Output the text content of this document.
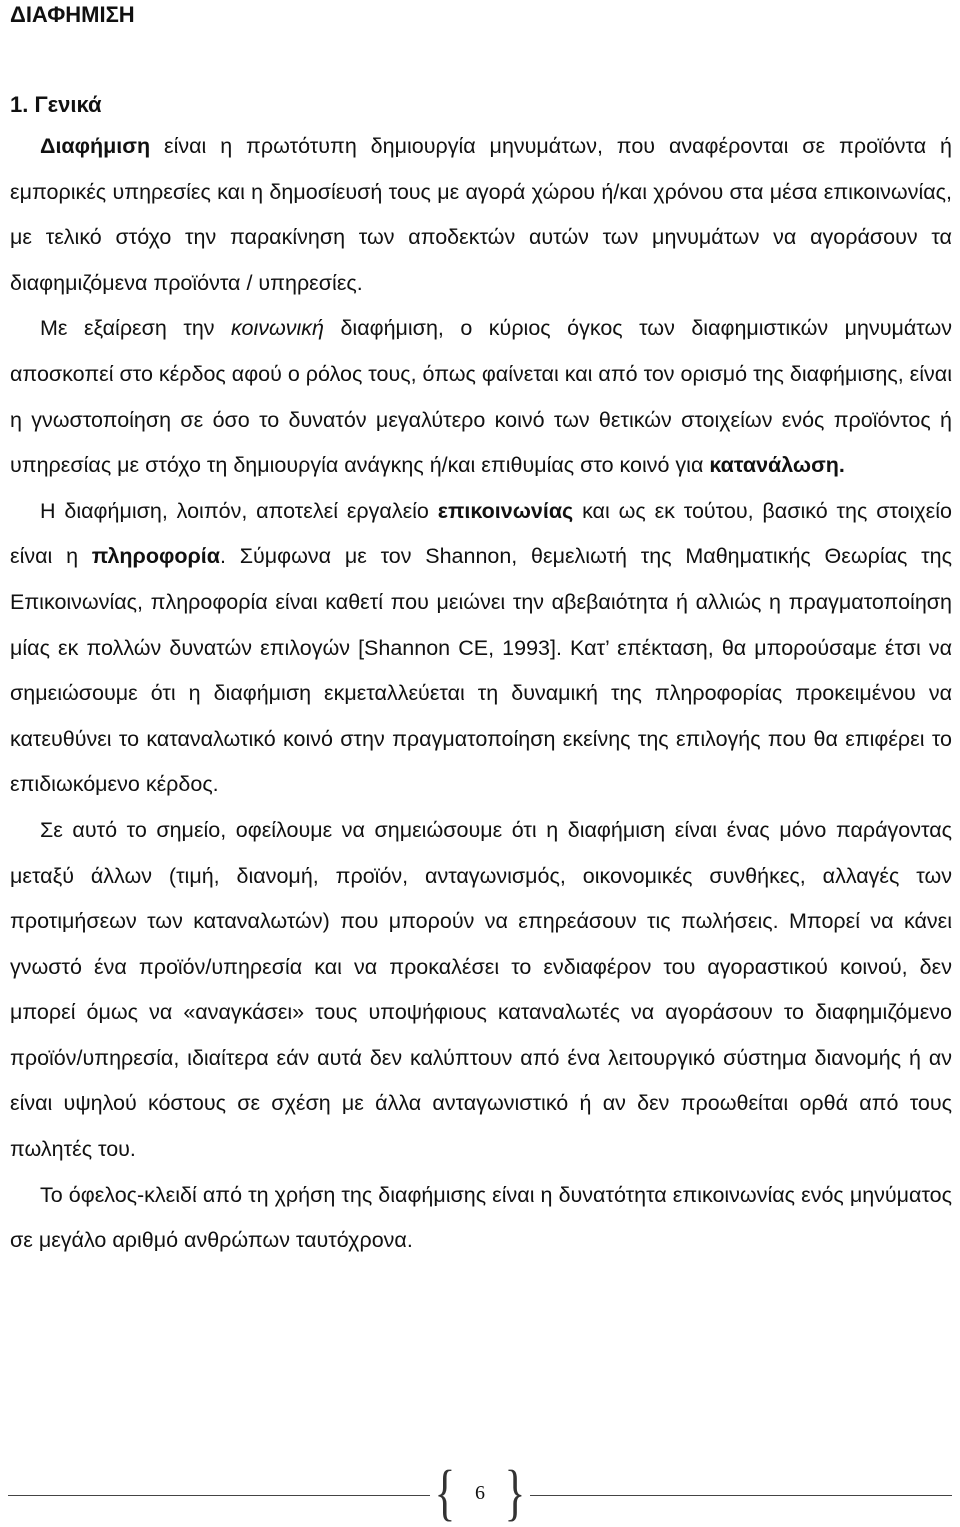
ΔΙΑΦΗΜΙΣΗ
1. Γενικά

Διαφήμιση είναι η πρωτότυπη δημιουργία μηνυμάτων, που αναφέρονται σε προϊόντα ή εμπορικές υπηρεσίες και η δημοσίευσή τους με αγορά χώρου ή/και χρόνου στα μέσα επικοινωνίας, με τελικό στόχο την παρακίνηση των αποδεκτών αυτών των μηνυμάτων να αγοράσουν τα διαφημιζόμενα προϊόντα / υπηρεσίες.

Με εξαίρεση την κοινωνική διαφήμιση, ο κύριος όγκος των διαφημιστικών μηνυμάτων αποσκοπεί στο κέρδος αφού ο ρόλος τους, όπως φαίνεται και από τον ορισμό της διαφήμισης, είναι η γνωστοποίηση σε όσο το δυνατόν μεγαλύτερο κοινό των θετικών στοιχείων ενός προϊόντος ή υπηρεσίας με στόχο τη δημιουργία ανάγκης ή/και επιθυμίας στο κοινό για κατανάλωση.

Η διαφήμιση, λοιπόν, αποτελεί εργαλείο επικοινωνίας και ως εκ τούτου, βασικό της στοιχείο είναι η πληροφορία. Σύμφωνα με τον Shannon, θεμελιωτή της Μαθηματικής Θεωρίας της Επικοινωνίας, πληροφορία είναι καθετί που μειώνει την αβεβαιότητα ή αλλιώς η πραγματοποίηση μίας εκ πολλών δυνατών επιλογών [Shannon CE, 1993]. Κατ’ επέκταση, θα μπορούσαμε έτσι να σημειώσουμε ότι η διαφήμιση εκμεταλλεύεται τη δυναμική της πληροφορίας προκειμένου να κατευθύνει το καταναλωτικό κοινό στην πραγματοποίηση εκείνης της επιλογής που θα επιφέρει το επιδιωκόμενο κέρδος.

Σε αυτό το σημείο, οφείλουμε να σημειώσουμε ότι η διαφήμιση είναι ένας μόνο παράγοντας μεταξύ άλλων (τιμή, διανομή, προϊόν, ανταγωνισμός, οικονομικές συνθήκες, αλλαγές των προτιμήσεων των καταναλωτών) που μπορούν να επηρεάσουν τις πωλήσεις. Μπορεί να κάνει γνωστό ένα προϊόν/υπηρεσία και να προκαλέσει το ενδιαφέρον του αγοραστικού κοινού, δεν μπορεί όμως να «αναγκάσει» τους υποψήφιους καταναλωτές να αγοράσουν το διαφημιζόμενο προϊόν/υπηρεσία, ιδιαίτερα εάν αυτά δεν καλύπτουν από ένα λειτουργικό σύστημα διανομής ή αν είναι υψηλού κόστους σε σχέση με άλλα ανταγωνιστικό ή αν δεν προωθείται ορθά από τους πωλητές του.

Το όφελος-κλειδί από τη χρήση της διαφήμισης είναι η δυνατότητα επικοινωνίας ενός μηνύματος σε μεγάλο αριθμό ανθρώπων ταυτόχρονα.

{ 6 }
